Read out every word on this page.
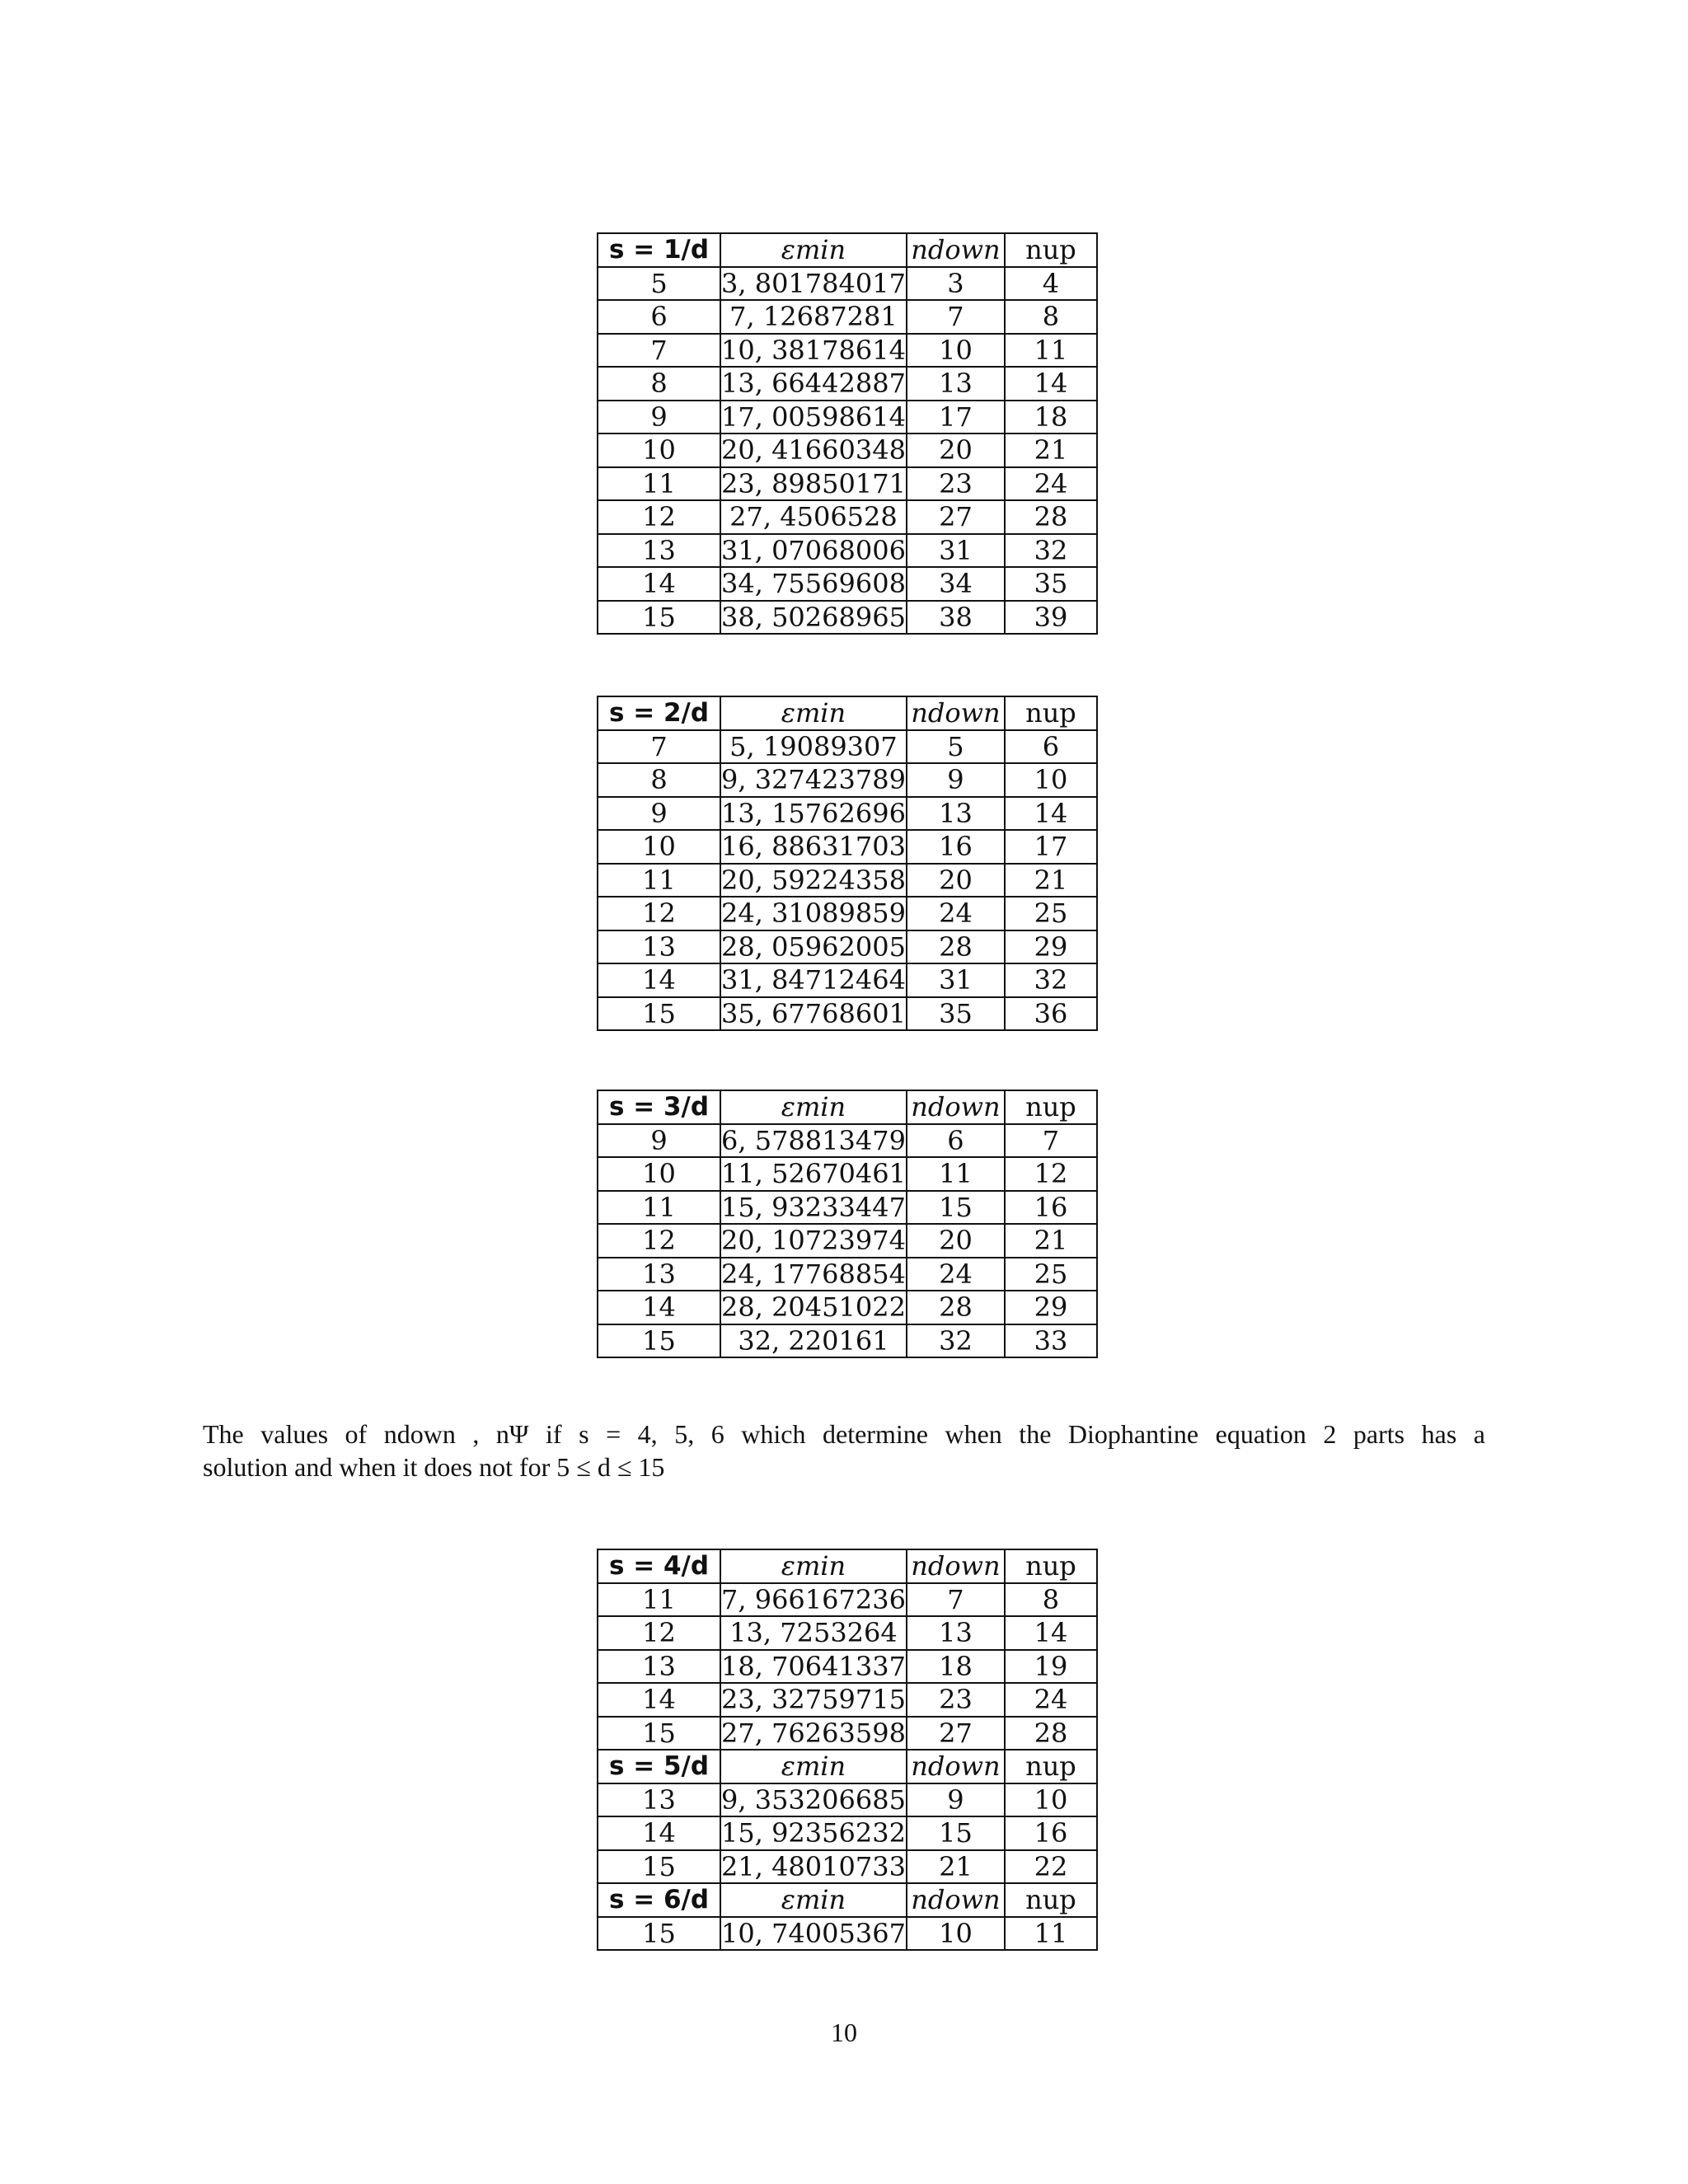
s = 1/d	εmin	ndown	nup
5	3, 801784017	3	4
6	7, 12687281	7	8
7	10, 38178614	10	11
8	13, 66442887	13	14
9	17, 00598614	17	18
10	20, 41660348	20	21
11	23, 89850171	23	24
12	27, 4506528	27	28
13	31, 07068006	31	32
14	34, 75569608	34	35
15	38, 50268965	38	39
s = 2/d	εmin	ndown	nup
7	5, 19089307	5	6
8	9, 327423789	9	10
9	13, 15762696	13	14
10	16, 88631703	16	17
11	20, 59224358	20	21
12	24, 31089859	24	25
13	28, 05962005	28	29
14	31, 84712464	31	32
15	35, 67768601	35	36
s = 3/d	εmin	ndown	nup
9	6, 578813479	6	7
10	11, 52670461	11	12
11	15, 93233447	15	16
12	20, 10723974	20	21
13	24, 17768854	24	25
14	28, 20451022	28	29
15	32, 220161	32	33
The values of ndown , nΨ if s = 4, 5, 6 which determine when the Diophantine equation 2 parts has a
solution and when it does not for 5 ≤ d ≤ 15
s = 4/d	εmin	ndown	nup
11	7, 966167236	7	8
12	13, 7253264	13	14
13	18, 70641337	18	19
14	23, 32759715	23	24
15	27, 76263598	27	28
s = 5/d	εmin	ndown	nup
13	9, 353206685	9	10
14	15, 92356232	15	16
15	21, 48010733	21	22
s = 6/d	εmin	ndown	nup
15	10, 74005367	10	11
10
